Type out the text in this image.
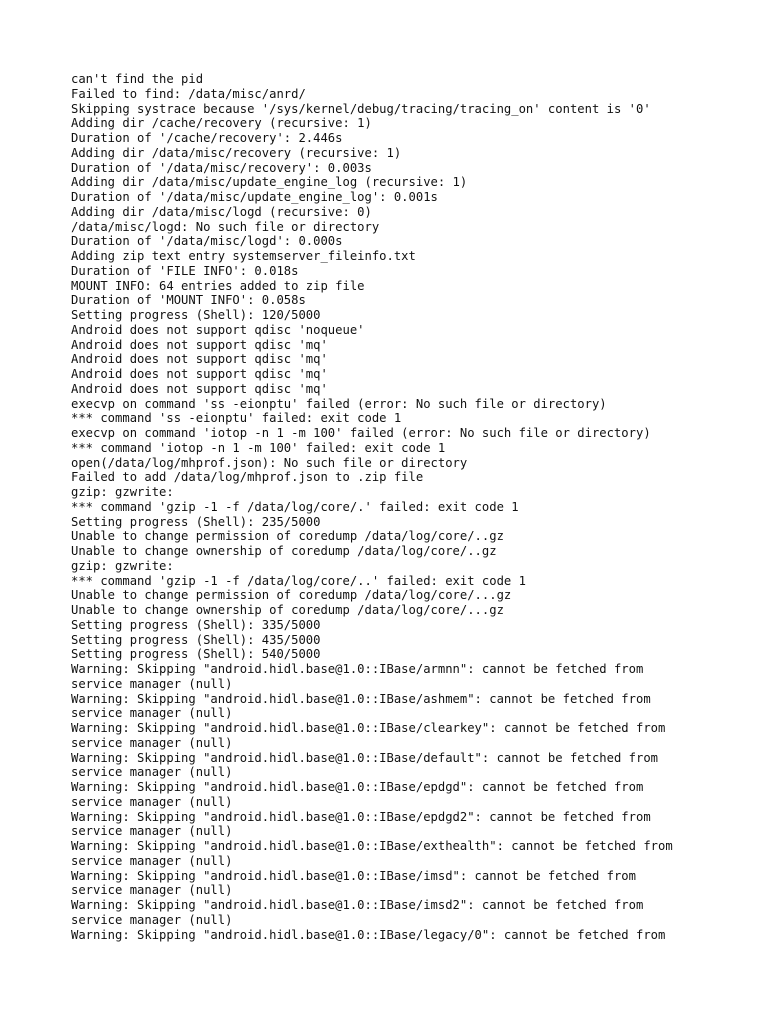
can't find the pid
Failed to find: /data/misc/anrd/
Skipping systrace because '/sys/kernel/debug/tracing/tracing_on' content is '0'
Adding dir /cache/recovery (recursive: 1)
Duration of '/cache/recovery': 2.446s
Adding dir /data/misc/recovery (recursive: 1)
Duration of '/data/misc/recovery': 0.003s
Adding dir /data/misc/update_engine_log (recursive: 1)
Duration of '/data/misc/update_engine_log': 0.001s
Adding dir /data/misc/logd (recursive: 0)
/data/misc/logd: No such file or directory
Duration of '/data/misc/logd': 0.000s
Adding zip text entry systemserver_fileinfo.txt
Duration of 'FILE INFO': 0.018s
MOUNT INFO: 64 entries added to zip file
Duration of 'MOUNT INFO': 0.058s
Setting progress (Shell): 120/5000
Android does not support qdisc 'noqueue'
Android does not support qdisc 'mq'
Android does not support qdisc 'mq'
Android does not support qdisc 'mq'
Android does not support qdisc 'mq'
execvp on command 'ss -eionptu' failed (error: No such file or directory)
*** command 'ss -eionptu' failed: exit code 1
execvp on command 'iotop -n 1 -m 100' failed (error: No such file or directory)
*** command 'iotop -n 1 -m 100' failed: exit code 1
open(/data/log/mhprof.json): No such file or directory
Failed to add /data/log/mhprof.json to .zip file
gzip: gzwrite:
*** command 'gzip -1 -f /data/log/core/.' failed: exit code 1
Setting progress (Shell): 235/5000
Unable to change permission of coredump /data/log/core/..gz
Unable to change ownership of coredump /data/log/core/..gz
gzip: gzwrite:
*** command 'gzip -1 -f /data/log/core/..' failed: exit code 1
Unable to change permission of coredump /data/log/core/...gz
Unable to change ownership of coredump /data/log/core/...gz
Setting progress (Shell): 335/5000
Setting progress (Shell): 435/5000
Setting progress (Shell): 540/5000
Warning: Skipping "android.hidl.base@1.0::IBase/armnn": cannot be fetched from
service manager (null)
Warning: Skipping "android.hidl.base@1.0::IBase/ashmem": cannot be fetched from
service manager (null)
Warning: Skipping "android.hidl.base@1.0::IBase/clearkey": cannot be fetched from
service manager (null)
Warning: Skipping "android.hidl.base@1.0::IBase/default": cannot be fetched from
service manager (null)
Warning: Skipping "android.hidl.base@1.0::IBase/epdgd": cannot be fetched from
service manager (null)
Warning: Skipping "android.hidl.base@1.0::IBase/epdgd2": cannot be fetched from
service manager (null)
Warning: Skipping "android.hidl.base@1.0::IBase/exthealth": cannot be fetched from
service manager (null)
Warning: Skipping "android.hidl.base@1.0::IBase/imsd": cannot be fetched from
service manager (null)
Warning: Skipping "android.hidl.base@1.0::IBase/imsd2": cannot be fetched from
service manager (null)
Warning: Skipping "android.hidl.base@1.0::IBase/legacy/0": cannot be fetched from
